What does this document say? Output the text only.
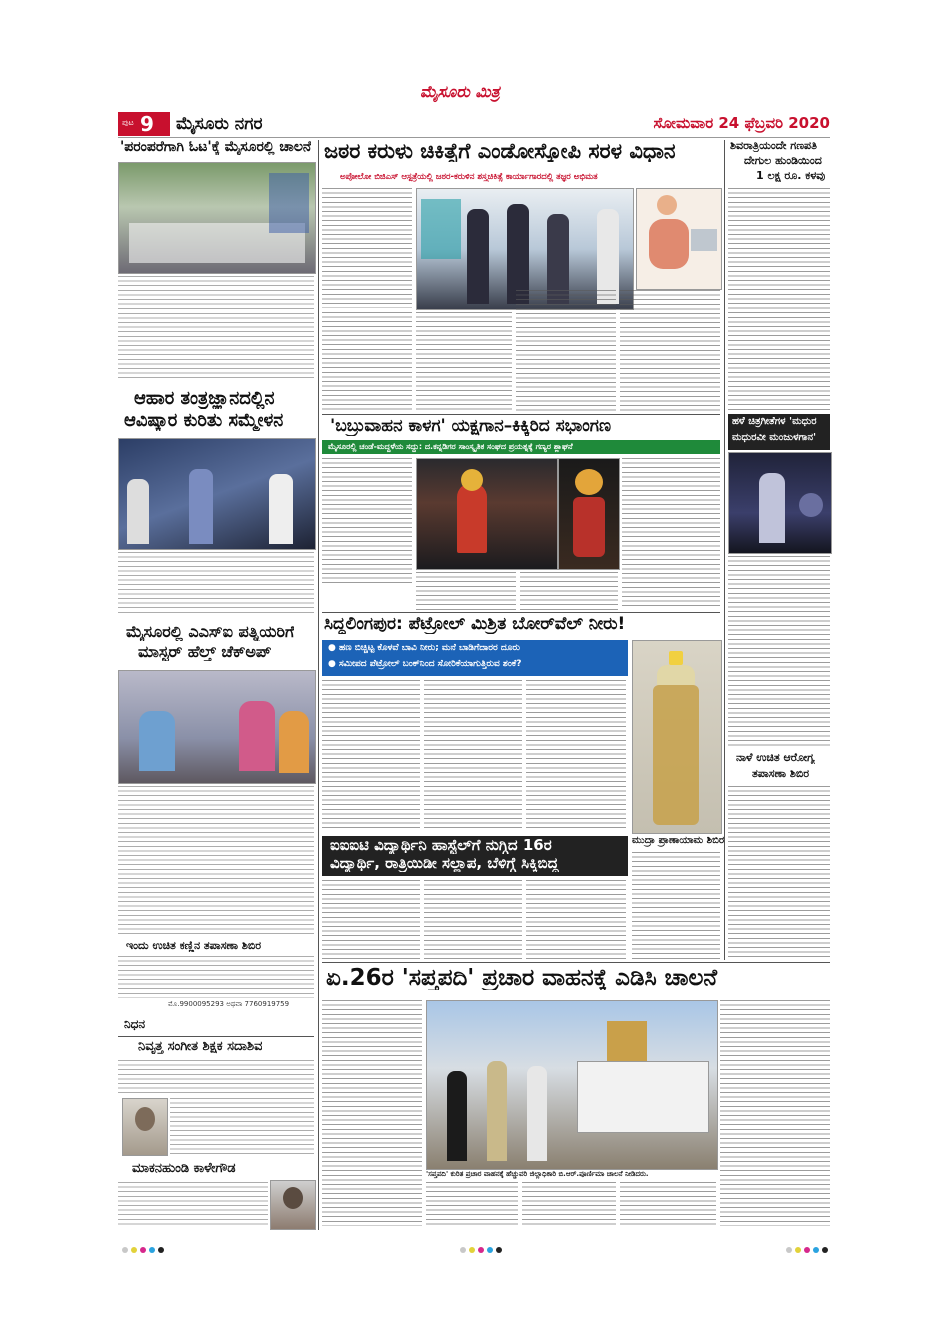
ಮೈಸೂರು ಮಿತ್ರ
ಪುಟ 9 ಮೈಸೂರು ನಗರ	ಸೋಮವಾರ 24 ಫೆಬ್ರವರಿ 2020
'ಪರಂಪರೆಗಾಗಿ ಓಟ'ಕ್ಕೆ ಮೈಸೂರಲ್ಲಿ ಚಾಲನೆ
ಆಹಾರ ತಂತ್ರಜ್ಞಾನದಲ್ಲಿನ
ಆವಿಷ್ಕಾರ ಕುರಿತು ಸಮ್ಮೇಳನ
ಮೈಸೂರಲ್ಲಿ ಎಎಸ್‌ಐ ಪತ್ನಿಯರಿಗೆ
ಮಾಸ್ಟರ್ ಹೆಲ್ತ್ ಚೆಕ್‌ಅಪ್
ಇಂದು ಉಚಿತ ಕಣ್ಣಿನ ತಪಾಸಣಾ ಶಿಬಿರ
ಮೊ.9900095293 ಅಥವಾ 7760919759
ನಿಧನ
ನಿವೃತ್ತ ಸಂಗೀತ ಶಿಕ್ಷಕ ಸದಾಶಿವ
ಮಾಕನಹುಂಡಿ ಕಾಳೇಗೌಡ
ಜಠರ ಕರುಳು ಚಿಕಿತ್ಸೆಗೆ ಎಂಡೋಸ್ಕೋಪಿ ಸರಳ ವಿಧಾನ
ಅಪೋಲೋ ಬಿಜಿಎಸ್ ಆಸ್ಪತ್ರೆಯಲ್ಲಿ ಜಠರ-ಕರುಳಿನ ಶಸ್ತ್ರಚಿಕಿತ್ಸೆ ಕಾರ್ಯಾಗಾರದಲ್ಲಿ ತಜ್ಞರ ಅಭಿಮತ
'ಬಬ್ರುವಾಹನ ಕಾಳಗ' ಯಕ್ಷಗಾನ–ಕಿಕ್ಕಿರಿದ ಸಭಾಂಗಣ
ಮೈಸೂರಲ್ಲಿ ಚಂಡೆ-ಮದ್ದಳೆಯ ಸದ್ದು: ದ.ಕನ್ನಡಿಗರ ಸಾಂಸ್ಕೃತಿಕ ಸಂಘದ ಪ್ರಯತ್ನಕ್ಕೆ ಗಣ್ಯರ ಶ್ಲಾಘನೆ
ಸಿದ್ದಲಿಂಗಪುರ: ಪೆಟ್ರೋಲ್ ಮಿಶ್ರಿತ ಬೋರ್‌ವೆಲ್ ನೀರು!
● ಹಣ ಬಿಚ್ಚಿಟ್ಟ ಕೊಳವೆ ಬಾವಿ ನೀರು; ಮನೆ ಬಾಡಿಗೆದಾರರ ದೂರು
● ಸಮೀಪದ ಪೆಟ್ರೋಲ್ ಬಂಕ್‌ನಿಂದ ಸೋರಿಕೆಯಾಗುತ್ತಿರುವ ಶಂಕೆ?
ಐಐಐಟಿ ವಿದ್ಯಾರ್ಥಿನಿ ಹಾಸ್ಟೆಲ್‌ಗೆ ನುಗ್ಗಿದ 16ರ
ವಿದ್ಯಾರ್ಥಿ, ರಾತ್ರಿಯಿಡೀ ಸಲ್ಲಾಪ, ಬೆಳಿಗ್ಗೆ ಸಿಕ್ಕಿಬಿದ್ದ
ಮುದ್ರಾ ಪ್ರಾಣಾಯಾಮ ಶಿಬಿರ
ಏ.26ರ 'ಸಪ್ತಪದಿ' ಪ್ರಚಾರ ವಾಹನಕ್ಕೆ ಎಡಿಸಿ ಚಾಲನೆ
'ಸಪ್ತಪದಿ' ಕುರಿತ ಪ್ರಚಾರ ವಾಹನಕ್ಕೆ ಹೆಚ್ಚುವರಿ ಜಿಲ್ಲಾಧಿಕಾರಿ ಬಿ.ಆರ್.ಪೂರ್ಣಿಮಾ ಚಾಲನೆ ನೀಡಿದರು.
ಶಿವರಾತ್ರಿಯಂದೇ ಗಣಪತಿ
ದೇಗುಲ ಹುಂಡಿಯಿಂದ
1 ಲಕ್ಷ ರೂ. ಕಳವು
ಹಳೆ ಚಿತ್ರಗೀತೆಗಳ 'ಮಧುರ
ಮಧುರವೀ ಮಂಜುಳಗಾನ'
ನಾಳೆ ಉಚಿತ ಆರೋಗ್ಯ
ತಪಾಸಣಾ ಶಿಬಿರ
